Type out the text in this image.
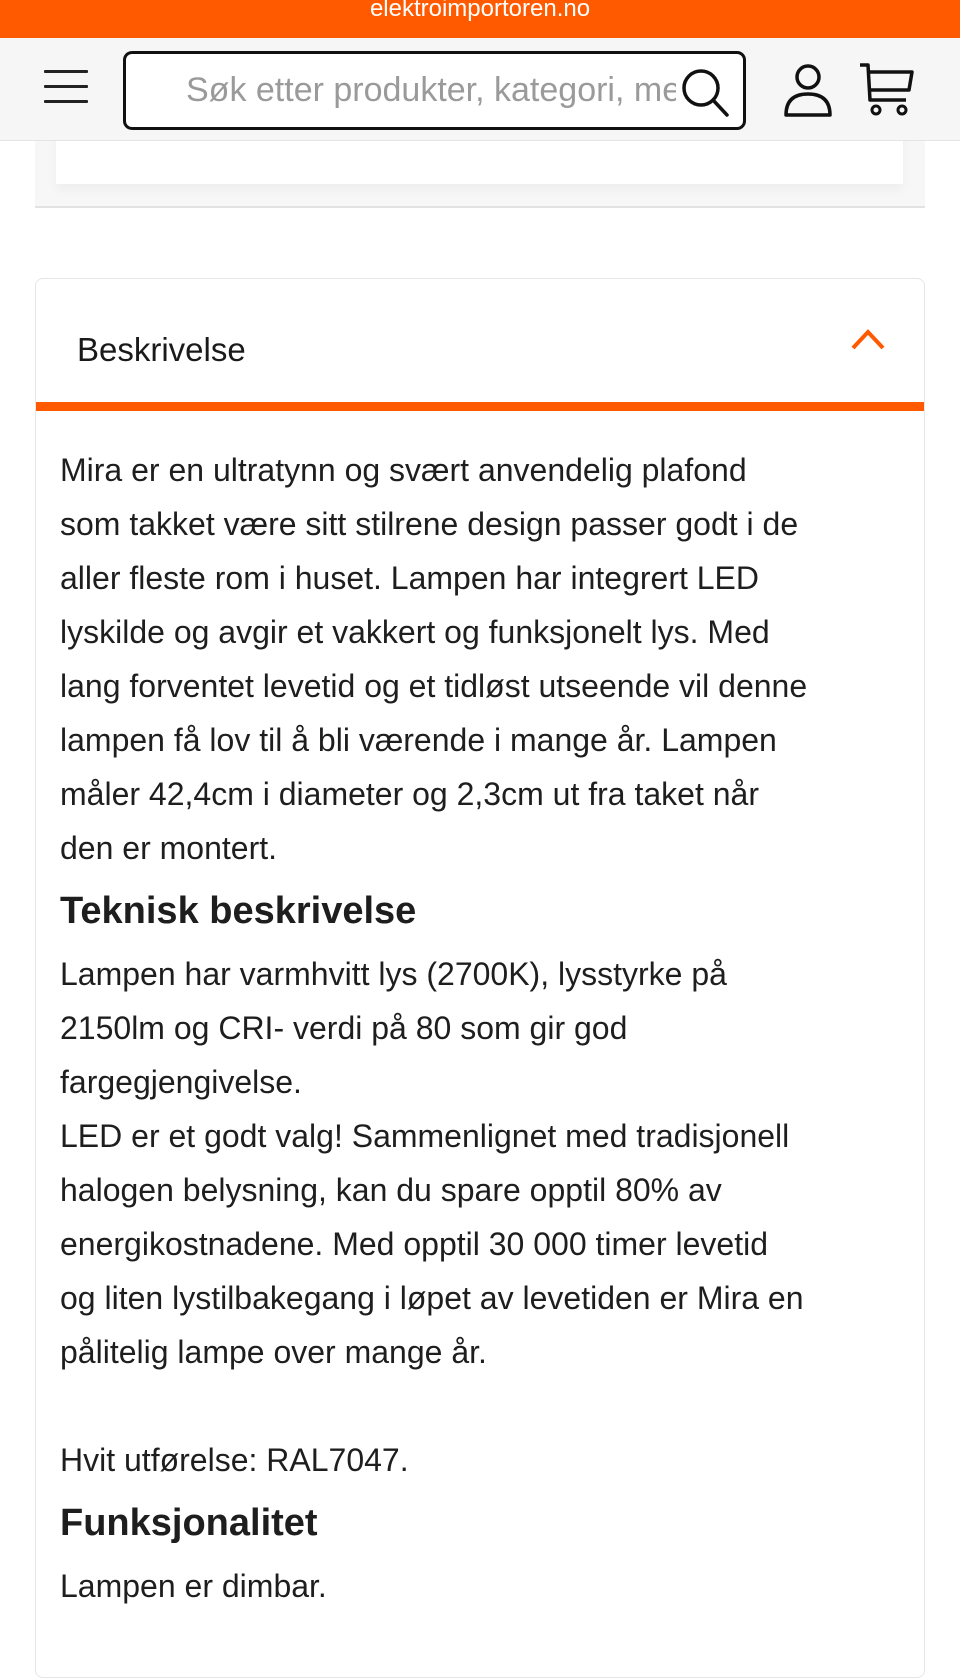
elektroimportoren.no
Søk etter produkter, kategori, merke
Beskrivelse
Mira er en ultratynn og svært anvendelig plafond
som takket være sitt stilrene design passer godt i de
aller fleste rom i huset. Lampen har integrert LED
lyskilde og avgir et vakkert og funksjonelt lys. Med
lang forventet levetid og et tidløst utseende vil denne
lampen få lov til å bli værende i mange år. Lampen
måler 42,4cm i diameter og 2,3cm ut fra taket når
den er montert.
Teknisk beskrivelse
Lampen har varmhvitt lys (2700K), lysstyrke på
2150lm og CRI- verdi på 80 som gir god
fargegjengivelse.
LED er et godt valg! Sammenlignet med tradisjonell
halogen belysning, kan du spare opptil 80% av
energikostnadene. Med opptil 30 000 timer levetid
og liten lystilbakegang i løpet av levetiden er Mira en
pålitelig lampe over mange år.
Hvit utførelse: RAL7047.
Funksjonalitet
Lampen er dimbar.
